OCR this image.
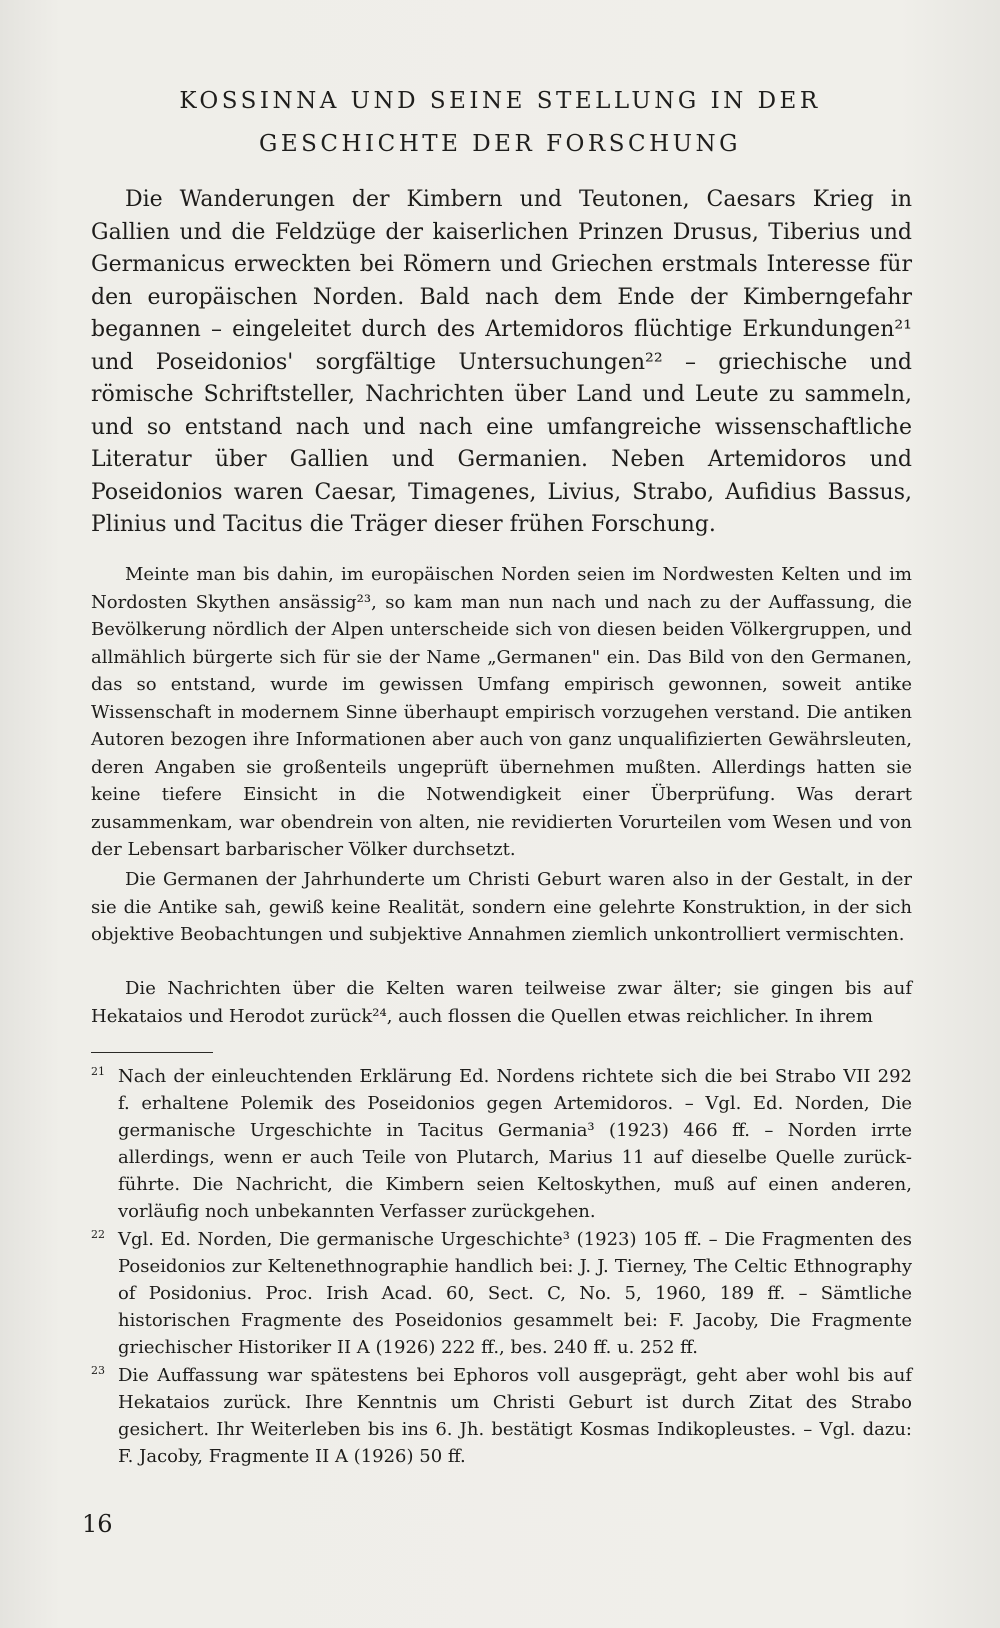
KOSSINNA UND SEINE STELLUNG IN DER
GESCHICHTE DER FORSCHUNG

Die Wanderungen der Kimbern und Teutonen, Caesars Krieg in Gallien und die Feldzüge der kaiserlichen Prinzen Drusus, Tiberius und Germanicus erweckten bei Römern und Griechen erstmals Interesse für den europäischen Norden. Bald nach dem Ende der Kimberngefahr begannen – eingeleitet durch des Artemidoros flüchtige Erkundungen²¹ und Poseidonios' sorgfältige Untersuchungen²² – griechische und römische Schriftsteller, Nachrichten über Land und Leute zu sammeln, und so entstand nach und nach eine umfangreiche wissenschaftliche Literatur über Gallien und Germanien. Neben Artemidoros und Poseidonios waren Caesar, Timagenes, Livius, Strabo, Aufidius Bassus, Plinius und Tacitus die Träger dieser frühen Forschung.

Meinte man bis dahin, im europäischen Norden seien im Nordwesten Kelten und im Nordosten Skythen ansässig²³, so kam man nun nach und nach zu der Auffassung, die Bevölkerung nördlich der Alpen unterscheide sich von diesen beiden Völkergruppen, und allmählich bürgerte sich für sie der Name „Germanen" ein. Das Bild von den Germanen, das so entstand, wurde im gewissen Umfang empirisch gewonnen, soweit antike Wissenschaft in modernem Sinne überhaupt empirisch vorzugehen verstand. Die antiken Autoren bezogen ihre Informationen aber auch von ganz unqualifizierten Gewährsleuten, deren Angaben sie großenteils ungeprüft übernehmen mußten. Allerdings hatten sie keine tiefere Einsicht in die Notwendigkeit einer Überprüfung. Was derart zusammenkam, war obendrein von alten, nie revidierten Vorurteilen vom Wesen und von der Lebensart barbarischer Völker durchsetzt.

Die Germanen der Jahrhunderte um Christi Geburt waren also in der Gestalt, in der sie die Antike sah, gewiß keine Realität, sondern eine gelehrte Konstruktion, in der sich objektive Beobachtungen und subjektive Annahmen ziemlich unkontrolliert vermischten.

Die Nachrichten über die Kelten waren teilweise zwar älter; sie gingen bis auf Hekataios und Herodot zurück²⁴, auch flossen die Quellen etwas reichlicher. In ihrem

21 Nach der einleuchtenden Erklärung Ed. Nordens richtete sich die bei Strabo VII 292 f. erhaltene Polemik des Poseidonios gegen Artemidoros. – Vgl. Ed. Norden, Die germanische Urgeschichte in Tacitus Germania³ (1923) 466 ff. – Norden irrte allerdings, wenn er auch Teile von Plutarch, Marius 11 auf dieselbe Quelle zurückführte. Die Nachricht, die Kimbern seien Keltoskythen, muß auf einen anderen, vorläufig noch unbekannten Verfasser zurückgehen.
22 Vgl. Ed. Norden, Die germanische Urgeschichte³ (1923) 105 ff. – Die Fragmenten des Poseidonios zur Keltenethnographie handlich bei: J. J. Tierney, The Celtic Ethnography of Posidonius. Proc. Irish Acad. 60, Sect. C, No. 5, 1960, 189 ff. – Sämtliche historischen Fragmente des Poseidonios gesammelt bei: F. Jacoby, Die Fragmente griechischer Historiker II A (1926) 222 ff., bes. 240 ff. u. 252 ff.
23 Die Auffassung war spätestens bei Ephoros voll ausgeprägt, geht aber wohl bis auf Hekataios zurück. Ihre Kenntnis um Christi Geburt ist durch Zitat des Strabo gesichert. Ihr Weiterleben bis ins 6. Jh. bestätigt Kosmas Indikopleustes. – Vgl. dazu: F. Jacoby, Fragmente II A (1926) 50 ff.
16
